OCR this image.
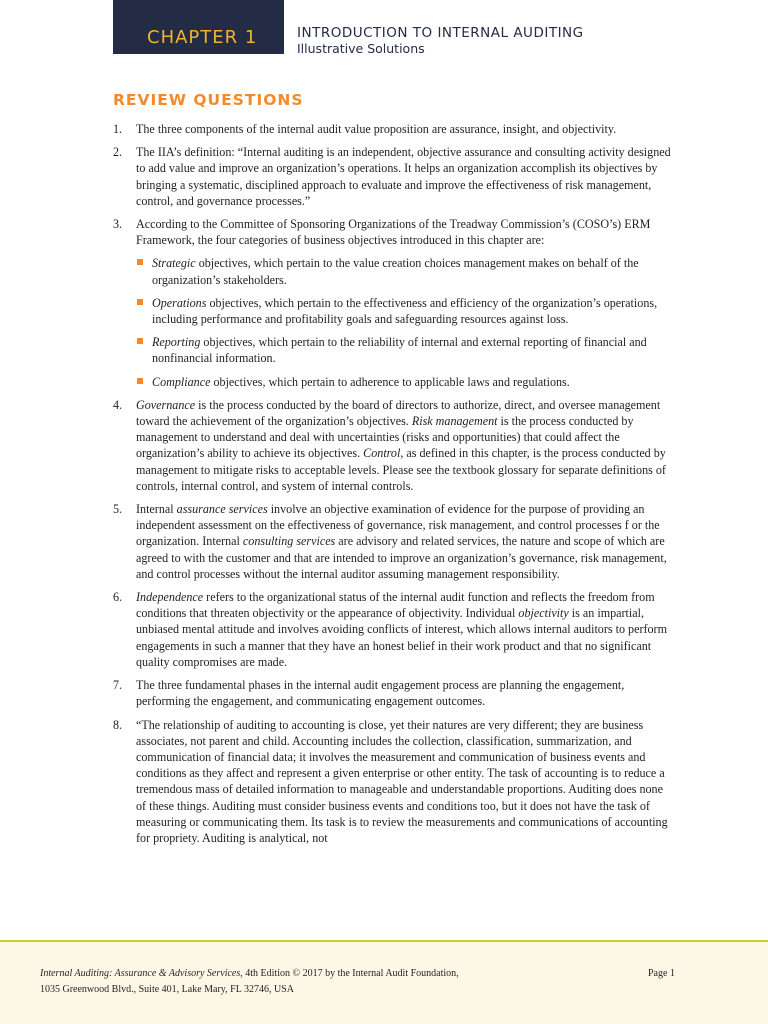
CHAPTER 1	INTRODUCTION TO INTERNAL AUDITING
Illustrative Solutions
REVIEW QUESTIONS
1. The three components of the internal audit value proposition are assurance, insight, and objectivity.
2. The IIA’s definition: “Internal auditing is an independent, objective assurance and consulting activity designed to add value and improve an organization’s operations. It helps an organization accomplish its objectives by bringing a systematic, disciplined approach to evaluate and improve the effectiveness of risk management, control, and governance processes.”
3. According to the Committee of Sponsoring Organizations of the Treadway Commission’s (COSO’s) ERM Framework, the four categories of business objectives introduced in this chapter are:
Strategic objectives, which pertain to the value creation choices management makes on behalf of the organization’s stakeholders.
Operations objectives, which pertain to the effectiveness and efficiency of the organization’s operations, including performance and profitability goals and safeguarding resources against loss.
Reporting objectives, which pertain to the reliability of internal and external reporting of financial and nonfinancial information.
Compliance objectives, which pertain to adherence to applicable laws and regulations.
4. Governance is the process conducted by the board of directors to authorize, direct, and oversee management toward the achievement of the organization’s objectives. Risk management is the process conducted by management to understand and deal with uncertainties (risks and opportunities) that could affect the organization’s ability to achieve its objectives. Control, as defined in this chapter, is the process conducted by management to mitigate risks to acceptable levels. Please see the textbook glossary for separate definitions of controls, internal control, and system of internal controls.
5. Internal assurance services involve an objective examination of evidence for the purpose of providing an independent assessment on the effectiveness of governance, risk management, and control processes f or the organization. Internal consulting services are advisory and related services, the nature and scope of which are agreed to with the customer and that are intended to improve an organization’s governance, risk management, and control processes without the internal auditor assuming management responsibility.
6. Independence refers to the organizational status of the internal audit function and reflects the freedom from conditions that threaten objectivity or the appearance of objectivity. Individual objectivity is an impartial, unbiased mental attitude and involves avoiding conflicts of interest, which allows internal auditors to perform engagements in such a manner that they have an honest belief in their work product and that no significant quality compromises are made.
7. The three fundamental phases in the internal audit engagement process are planning the engagement, performing the engagement, and communicating engagement outcomes.
8. “The relationship of auditing to accounting is close, yet their natures are very different; they are business associates, not parent and child. Accounting includes the collection, classification, summarization, and communication of financial data; it involves the measurement and communication of business events and conditions as they affect and represent a given enterprise or other entity. The task of accounting is to reduce a tremendous mass of detailed information to manageable and understandable proportions. Auditing does none of these things. Auditing must consider business events and conditions too, but it does not have the task of measuring or communicating them. Its task is to review the measurements and communications of accounting for propriety. Auditing is analytical, not
Internal Auditing: Assurance & Advisory Services, 4th Edition © 2017 by the Internal Audit Foundation,
1035 Greenwood Blvd., Suite 401, Lake Mary, FL 32746, USA
Page 1
